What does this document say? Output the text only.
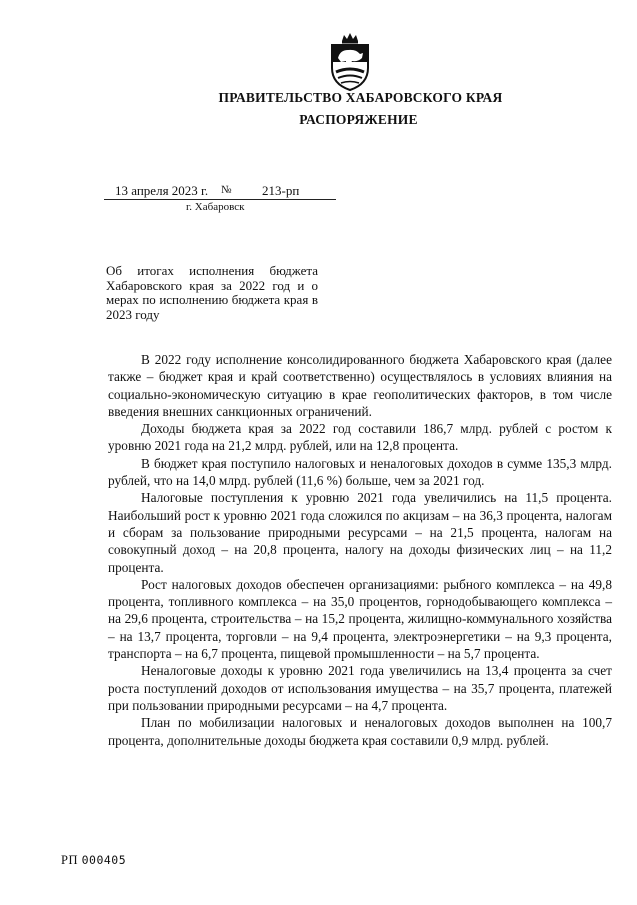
ПРАВИТЕЛЬСТВО ХАБАРОВСКОГО КРАЯ
РАСПОРЯЖЕНИЕ
13 апреля 2023 г. № 213-рп
г. Хабаровск
Об итогах исполнения бюджета Хабаровского края за 2022 год и о мерах по исполнению бюджета края в 2023 году

В 2022 году исполнение консолидированного бюджета Хабаровского края (далее также – бюджет края и край соответственно) осуществлялось в условиях влияния на социально-экономическую ситуацию в крае геополитических факторов, в том числе введения внешних санкционных ограничений.

Доходы бюджета края за 2022 год составили 186,7 млрд. рублей с ростом к уровню 2021 года на 21,2 млрд. рублей, или на 12,8 процента.

В бюджет края поступило налоговых и неналоговых доходов в сумме 135,3 млрд. рублей, что на 14,0 млрд. рублей (11,6 %) больше, чем за 2021 год.

Налоговые поступления к уровню 2021 года увеличились на 11,5 процента. Наибольший рост к уровню 2021 года сложился по акцизам – на 36,3 процента, налогам и сборам за пользование природными ресурсами – на 21,5 процента, налогам на совокупный доход – на 20,8 процента, налогу на доходы физических лиц – на 11,2 процента.

Рост налоговых доходов обеспечен организациями: рыбного комплекса – на 49,8 процента, топливного комплекса – на 35,0 процентов, горнодобывающего комплекса – на 29,6 процента, строительства – на 15,2 процента, жилищно-коммунального хозяйства – на 13,7 процента, торговли – на 9,4 процента, электроэнергетики – на 9,3 процента, транспорта – на 6,7 процента, пищевой промышленности – на 5,7 процента.

Неналоговые доходы к уровню 2021 года увеличились на 13,4 процента за счет роста поступлений доходов от использования имущества – на 35,7 процента, платежей при пользовании природными ресурсами – на 4,7 процента.

План по мобилизации налоговых и неналоговых доходов выполнен на 100,7 процента, дополнительные доходы бюджета края составили 0,9 млрд. рублей.

РП 000405
